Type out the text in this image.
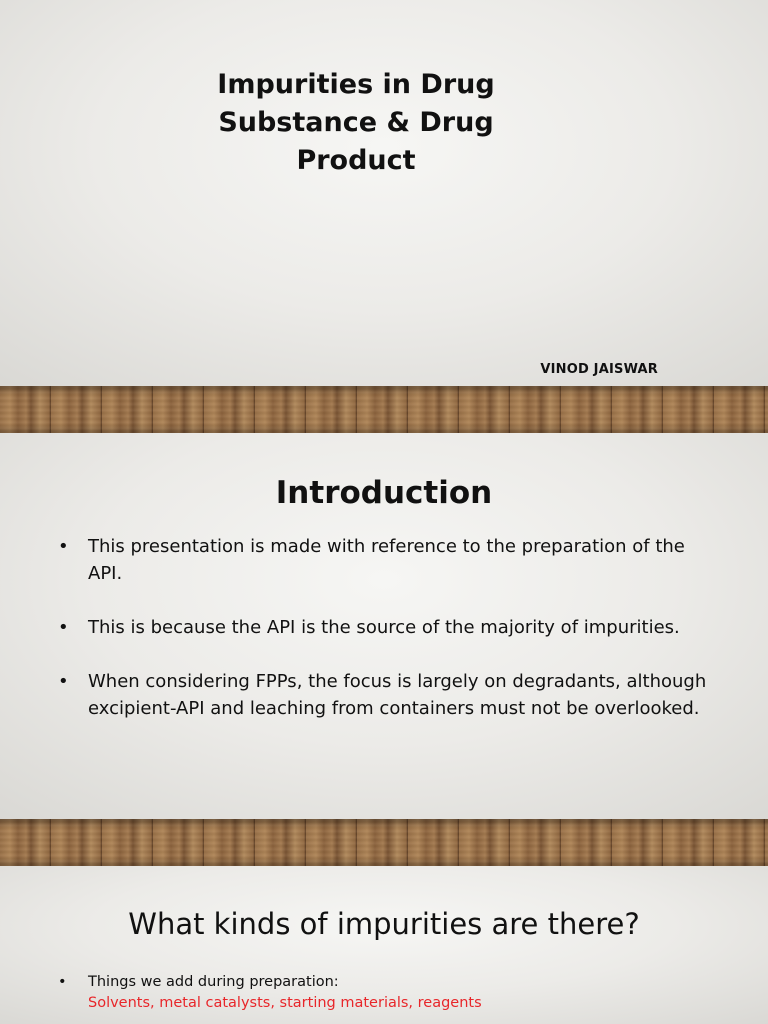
Impurities in Drug Substance & Drug Product
VINOD JAISWAR
Introduction
• This presentation is made with reference to the preparation of the API.
• This is because the API is the source of the majority of impurities.
• When considering FPPs, the focus is largely on degradants, although excipient-API and leaching from containers must not be overlooked.
What kinds of impurities are there?
• Things we add during preparation:
Solvents, metal catalysts, starting materials, reagents
